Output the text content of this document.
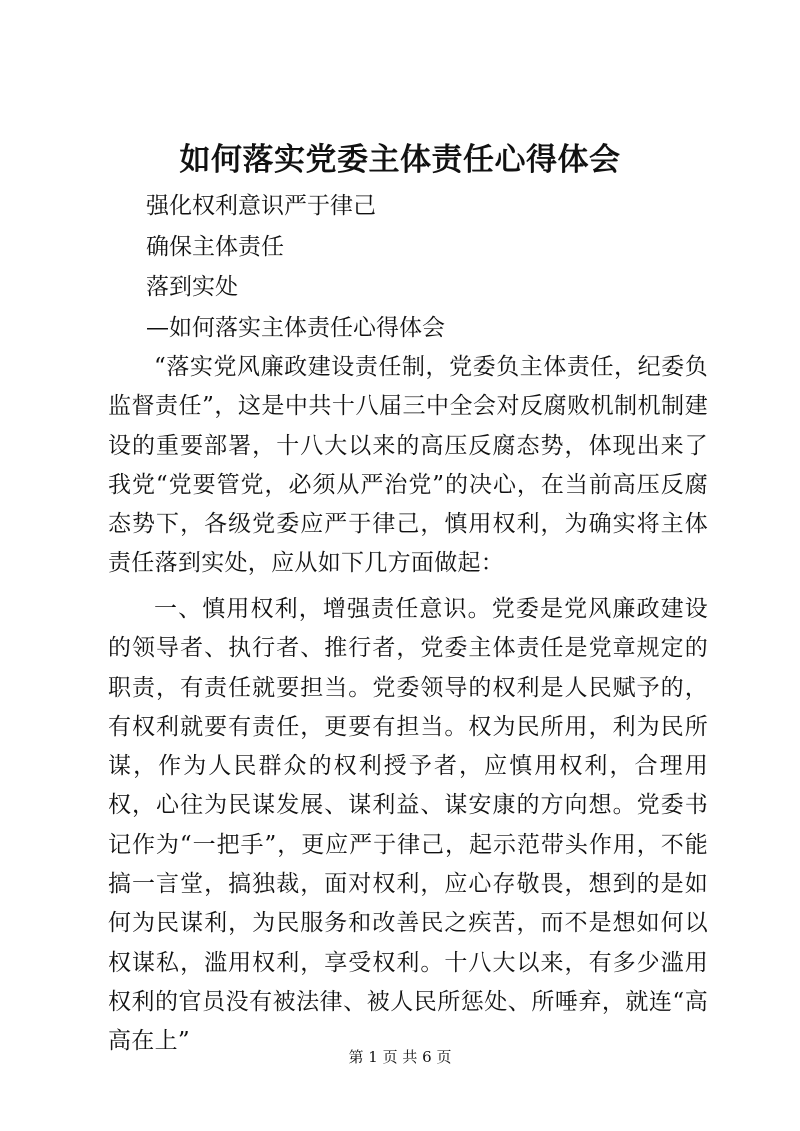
如何落实党委主体责任心得体会
强化权利意识严于律己
确保主体责任
落到实处
—如何落实主体责任心得体会

“落实党风廉政建设责任制，党委负主体责任，纪委负监督责任”，这是中共十八届三中全会对反腐败机制机制建设的重要部署，十八大以来的高压反腐态势，体现出来了我党“党要管党，必须从严治党”的决心，在当前高压反腐态势下，各级党委应严于律己，慎用权利，为确实将主体责任落到实处，应从如下几方面做起：

一、慎用权利，增强责任意识。党委是党风廉政建设的领导者、执行者、推行者，党委主体责任是党章规定的职责，有责任就要担当。党委领导的权利是人民赋予的，有权利就要有责任，更要有担当。权为民所用，利为民所谋，作为人民群众的权利授予者，应慎用权利，合理用权，心往为民谋发展、谋利益、谋安康的方向想。党委书记作为“一把手”，更应严于律己，起示范带头作用，不能搞一言堂，搞独裁，面对权利，应心存敬畏，想到的是如何为民谋利，为民服务和改善民之疾苦，而不是想如何以权谋私，滥用权利，享受权利。十八大以来，有多少滥用权利的官员没有被法律、被人民所惩处、所唾弃，就连“高高在上”

第 1 页 共 6 页
